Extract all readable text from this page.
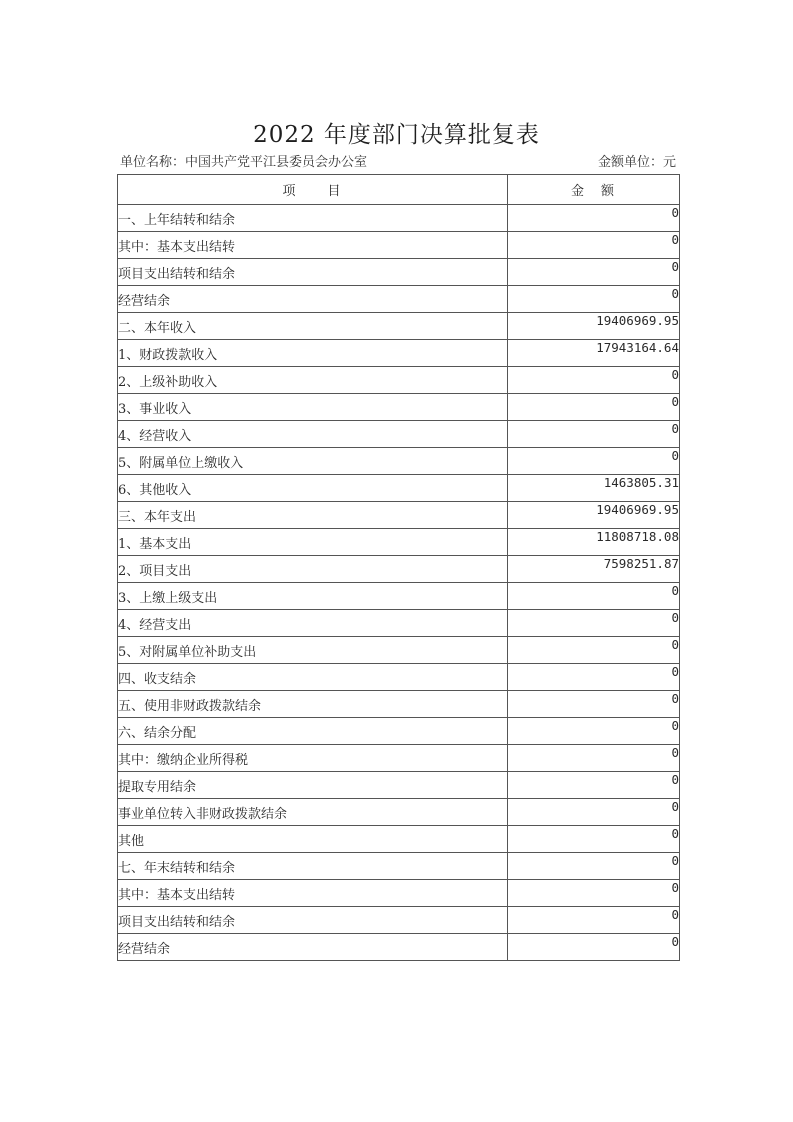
2022 年度部门决算批复表
单位名称：中国共产党平江县委员会办公室	金额单位：元
项　　目	金　额
一、上年结转和结余	0
其中：基本支出结转	0
项目支出结转和结余	0
经营结余	0
二、本年收入	19406969.95
1、财政拨款收入	17943164.64
2、上级补助收入	0
3、事业收入	0
4、经营收入	0
5、附属单位上缴收入	0
6、其他收入	1463805.31
三、本年支出	19406969.95
1、基本支出	11808718.08
2、项目支出	7598251.87
3、上缴上级支出	0
4、经营支出	0
5、对附属单位补助支出	0
四、收支结余	0
五、使用非财政拨款结余	0
六、结余分配	0
其中：缴纳企业所得税	0
提取专用结余	0
事业单位转入非财政拨款结余	0
其他	0
七、年末结转和结余	0
其中：基本支出结转	0
项目支出结转和结余	0
经营结余	0
